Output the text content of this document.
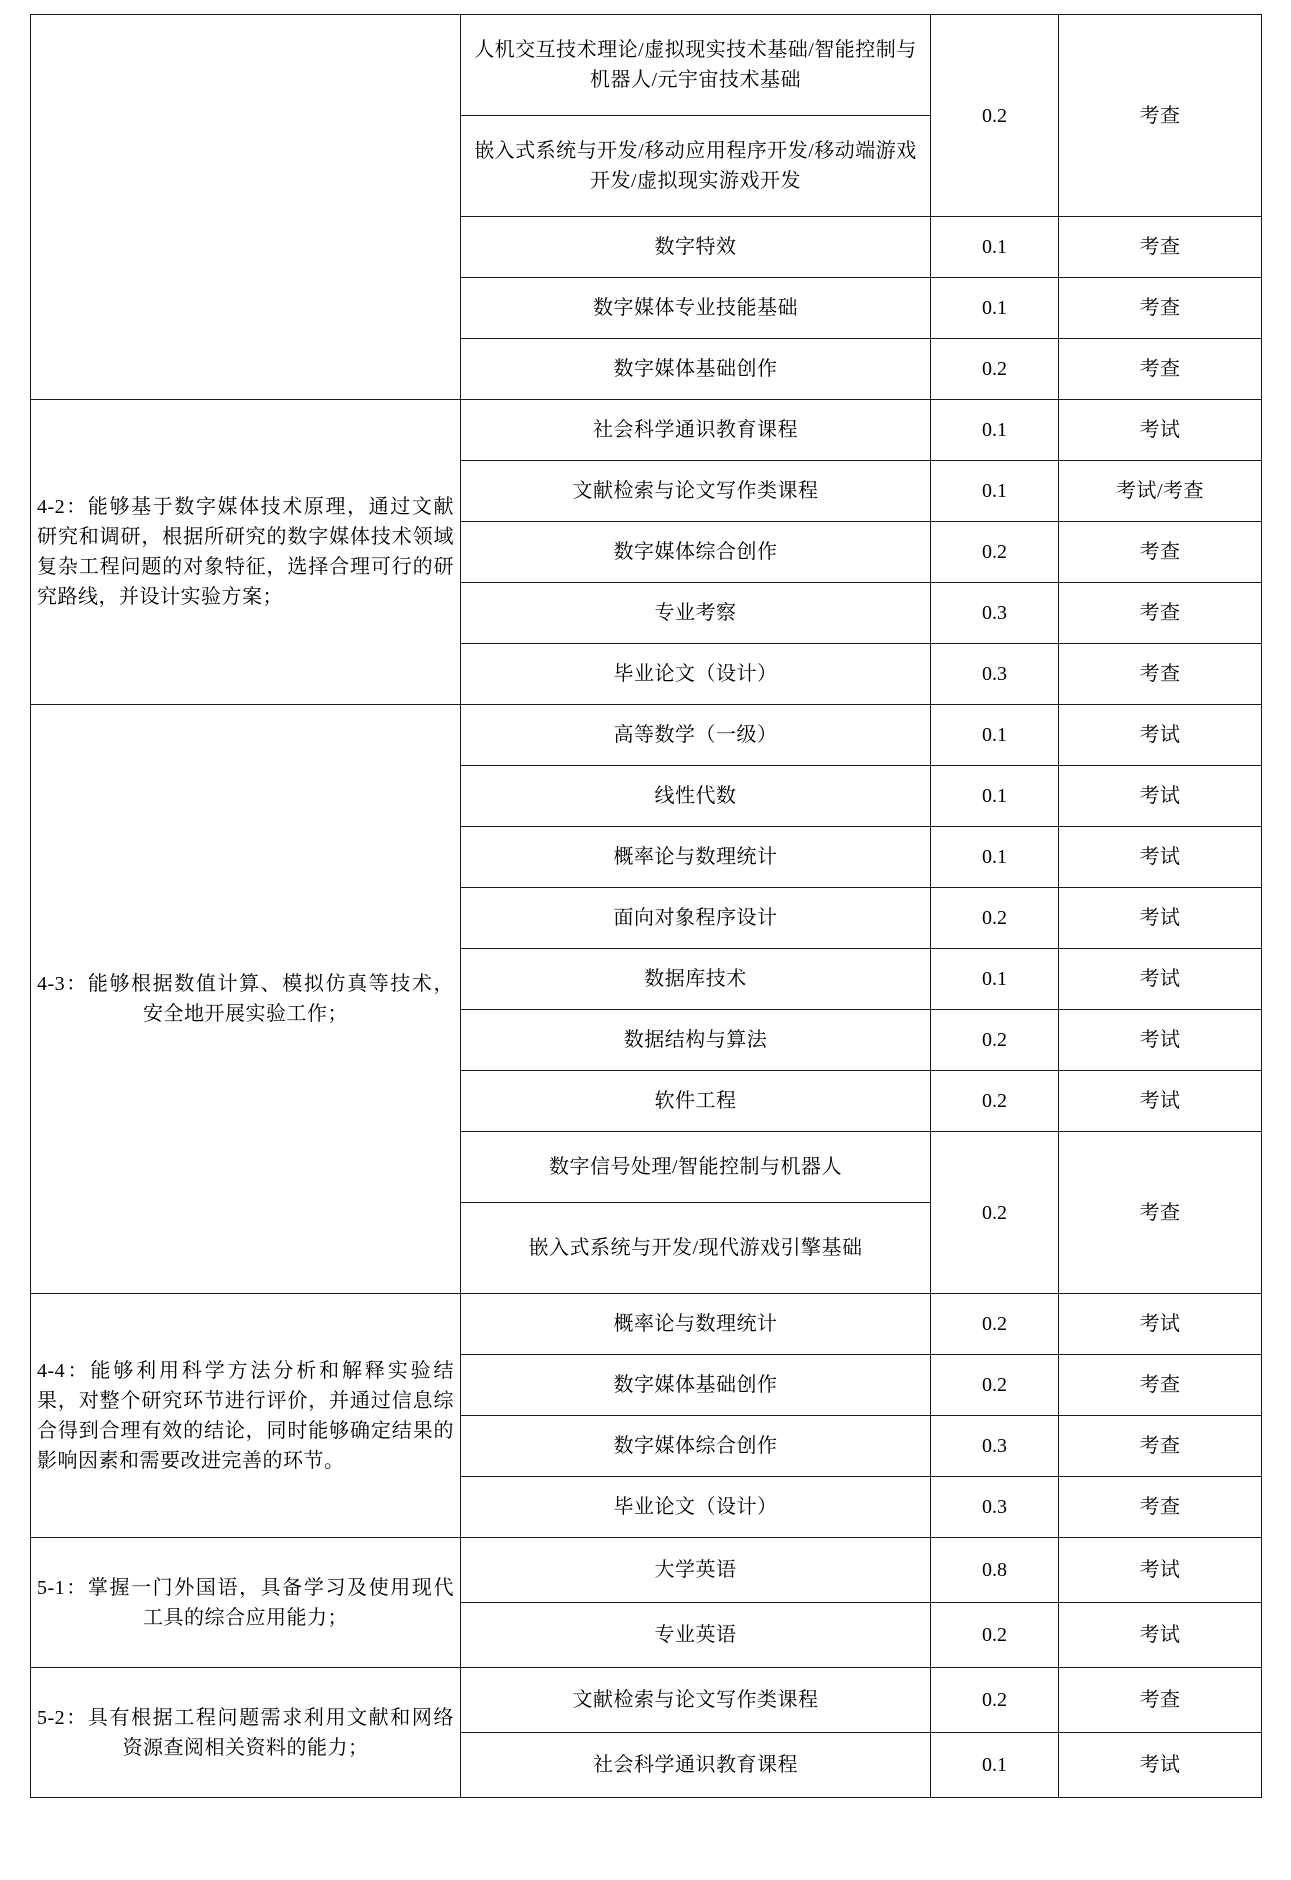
	人机交互技术理论/虚拟现实技术基础/智能控制与机器人/元宇宙技术基础	0.2	考查
	嵌入式系统与开发/移动应用程序开发/移动端游戏开发/虚拟现实游戏开发		
	数字特效	0.1	考查
	数字媒体专业技能基础	0.1	考查
	数字媒体基础创作	0.2	考查

4-2：能够基于数字媒体技术原理，通过文献研究和调研，根据所研究的数字媒体技术领域复杂工程问题的对象特征，选择合理可行的研究路线，并设计实验方案；	社会科学通识教育课程	0.1	考试
	文献检索与论文写作类课程	0.1	考试/考查
	数字媒体综合创作	0.2	考查
	专业考察	0.3	考查
	毕业论文（设计）	0.3	考查

4-3：能够根据数值计算、模拟仿真等技术，安全地开展实验工作；	高等数学（一级）	0.1	考试
	线性代数	0.1	考试
	概率论与数理统计	0.1	考试
	面向对象程序设计	0.2	考试
	数据库技术	0.1	考试
	数据结构与算法	0.2	考试
	软件工程	0.2	考试
	数字信号处理/智能控制与机器人	0.2	考查
	嵌入式系统与开发/现代游戏引擎基础		

4-4：能够利用科学方法分析和解释实验结果，对整个研究环节进行评价，并通过信息综合得到合理有效的结论，同时能够确定结果的影响因素和需要改进完善的环节。	概率论与数理统计	0.2	考试
	数字媒体基础创作	0.2	考查
	数字媒体综合创作	0.3	考查
	毕业论文（设计）	0.3	考查

5-1：掌握一门外国语，具备学习及使用现代工具的综合应用能力；	大学英语	0.8	考试
	专业英语	0.2	考试

5-2：具有根据工程问题需求利用文献和网络资源查阅相关资料的能力；	文献检索与论文写作类课程	0.2	考查
	社会科学通识教育课程	0.1	考试
